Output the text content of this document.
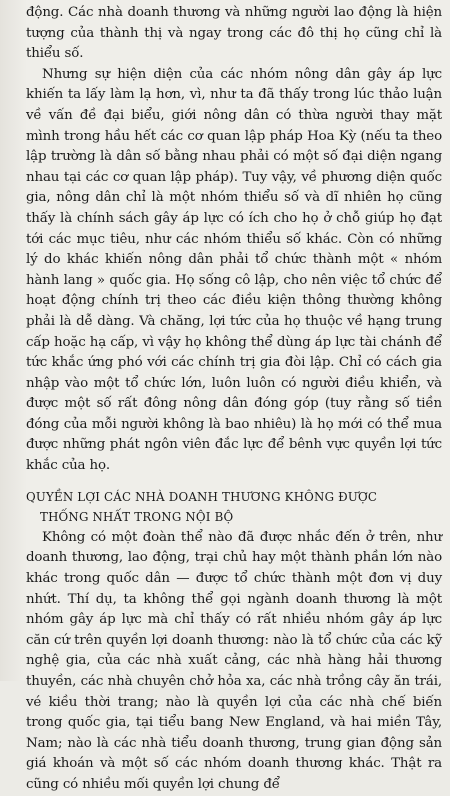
động. Các nhà doanh thương và những người lao động là hiện tượng của thành thị và ngay trong các đô thị họ cũng chỉ là thiểu số.

Nhưng sự hiện diện của các nhóm nông dân gây áp lực khiến ta lấy làm lạ hơn, vì, như ta đã thấy trong lúc thảo luận về vấn đề đại biểu, giới nông dân có thừa người thay mặt mình trong hầu hết các cơ quan lập pháp Hoa Kỳ (nếu ta theo lập trường là dân số bằng nhau phải có một số đại diện ngang nhau tại các cơ quan lập pháp). Tuy vậy, về phương diện quốc gia, nông dân chỉ là một nhóm thiểu số và dĩ nhiên họ cũng thấy là chính sách gây áp lực có ích cho họ ở chỗ giúp họ đạt tới các mục tiêu, như các nhóm thiểu số khác. Còn có những lý do khác khiến nông dân phải tổ chức thành một « nhóm hành lang » quốc gia. Họ sống cô lập, cho nên việc tổ chức để hoạt động chính trị theo các điều kiện thông thường không phải là dễ dàng. Và chăng, lợi tức của họ thuộc về hạng trung cấp hoặc hạ cấp, vì vậy họ không thể dùng áp lực tài chánh để tức khắc ứng phó với các chính trị gia đòi lập. Chỉ có cách gia nhập vào một tổ chức lớn, luôn luôn có người điều khiển, và được một số rất đông nông dân đóng góp (tuy rằng số tiền đóng của mỗi người không là bao nhiêu) là họ mới có thể mua được những phát ngôn viên đắc lực để bênh vực quyền lợi tức khắc của họ.

QUYỀN LỢI CÁC NHÀ DOANH THƯƠNG KHÔNG ĐƯỢC
THỐNG NHẤT TRONG NỘI BỘ

Không có một đoàn thể nào đã được nhắc đến ở trên, như doanh thương, lao động, trại chủ hay một thành phần lớn nào khác trong quốc dân — được tổ chức thành một đơn vị duy nhứt. Thí dụ, ta không thể gọi ngành doanh thương là một nhóm gây áp lực mà chỉ thấy có rất nhiều nhóm gây áp lực căn cứ trên quyền lợi doanh thương: nào là tổ chức của các kỹ nghệ gia, của các nhà xuất cảng, các nhà hàng hải thương thuyền, các nhà chuyên chở hỏa xa, các nhà trồng cây ăn trái, vé kiều thời trang; nào là quyền lợi của các nhà chế biến trong quốc gia, tại tiểu bang New England, và hai miền Tây, Nam; nào là các nhà tiểu doanh thương, trung gian động sản giá khoán và một số các nhóm doanh thương khác. Thật ra cũng có nhiều mối quyền lợi chung để
